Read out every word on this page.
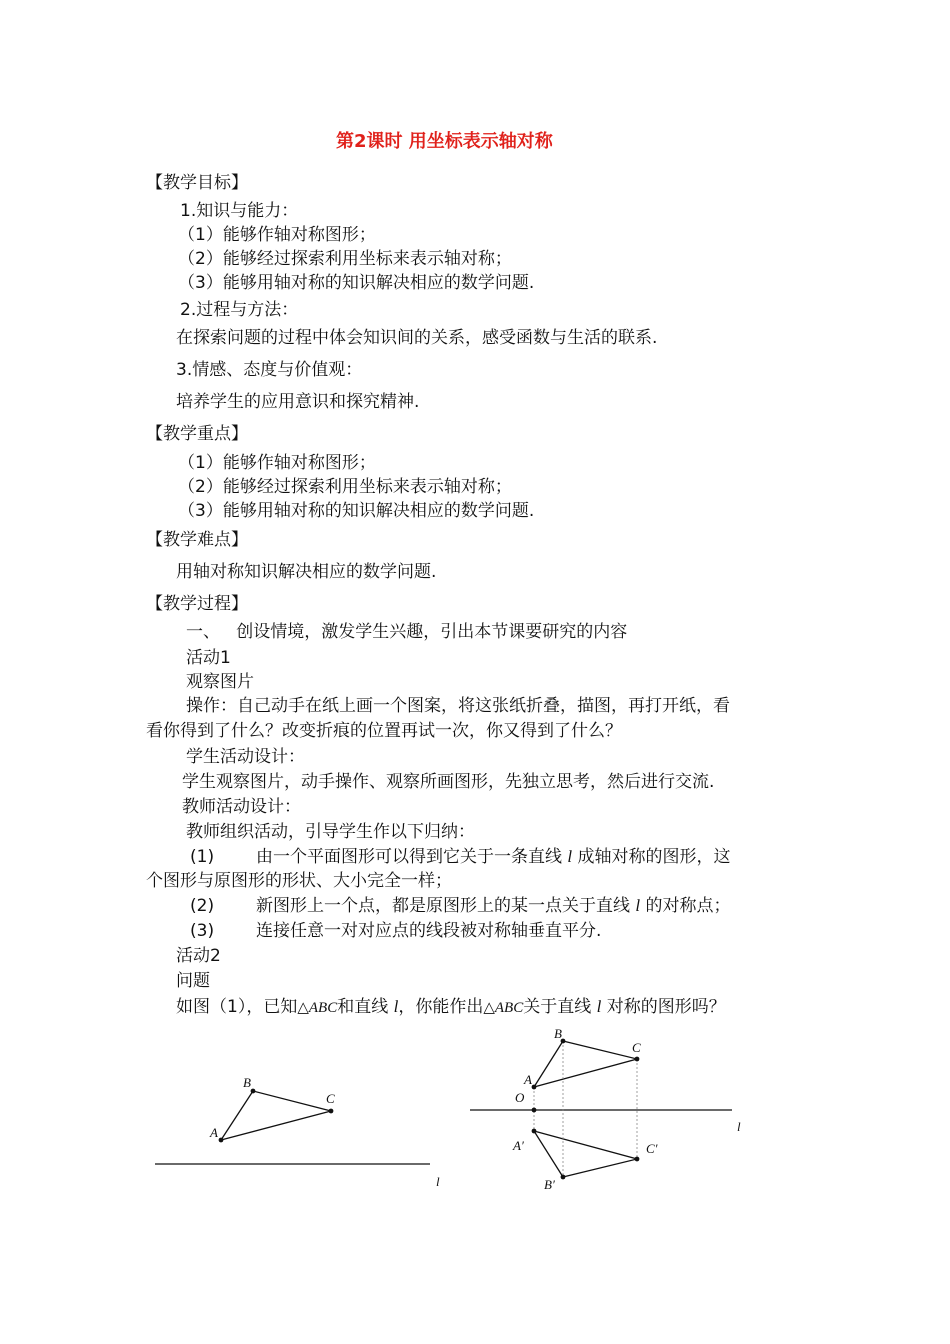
第2课时 用坐标表示轴对称
【教学目标】
1.知识与能力：
（1）能够作轴对称图形；
（2）能够经过探索利用坐标来表示轴对称；
（3）能够用轴对称的知识解决相应的数学问题.
2.过程与方法：
在探索问题的过程中体会知识间的关系，感受函数与生活的联系.
3.情感、态度与价值观：
培养学生的应用意识和探究精神.
【教学重点】
（1）能够作轴对称图形；
（2）能够经过探索利用坐标来表示轴对称；
（3）能够用轴对称的知识解决相应的数学问题.
【教学难点】
用轴对称知识解决相应的数学问题.
【教学过程】
一、   创设情境，激发学生兴趣，引出本节课要研究的内容
活动1
观察图片
操作：自己动手在纸上画一个图案，将这张纸折叠，描图，再打开纸，看
看你得到了什么？改变折痕的位置再试一次，你又得到了什么？
学生活动设计：
学生观察图片，动手操作、观察所画图形，先独立思考，然后进行交流.
教师活动设计：
教师组织活动，引导学生作以下归纳：
(1) 由一个平面图形可以得到它关于一条直线 l 成轴对称的图形，这
个图形与原图形的形状、大小完全一样；
(2) 新图形上一个点，都是原图形上的某一点关于直线 l 的对称点；
(3) 连接任意一对对应点的线段被对称轴垂直平分.
活动2
问题
如图（1），已知△ABC和直线 l，你能作出△ABC关于直线 l 对称的图形吗？
B
C
A
l
B
C
A
O
l
A′	C′
B′
